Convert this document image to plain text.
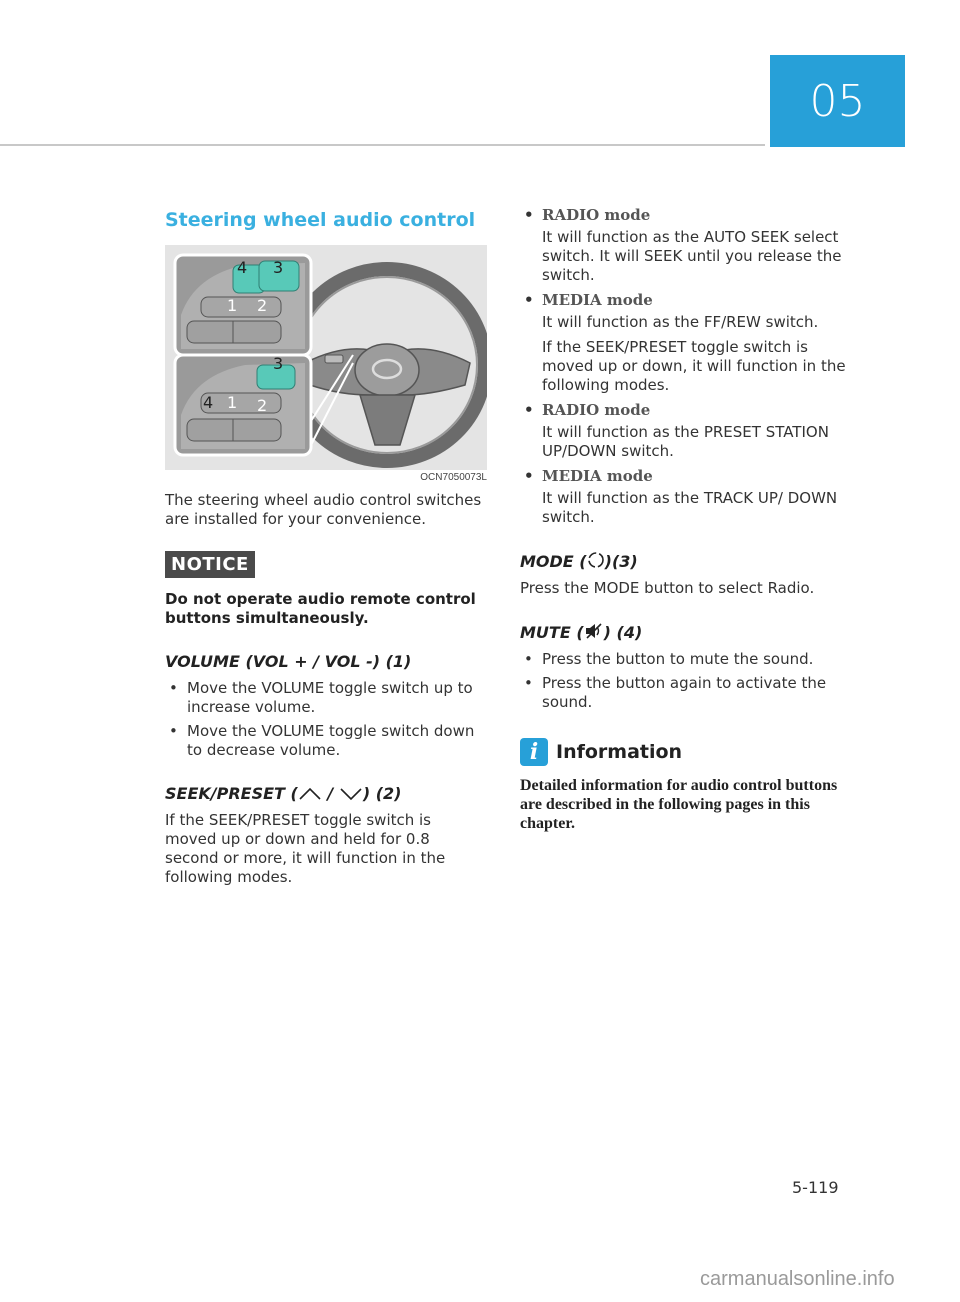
05
Steering wheel audio control
4 3
1 2
3
4 1 2
OCN7050073L

The steering wheel audio control switches are installed for your convenience.

NOTICE
Do not operate audio remote control buttons simultaneously.
VOLUME (VOL + / VOL -) (1)
• Move the VOLUME toggle switch up to increase volume.
• Move the VOLUME toggle switch down to decrease volume.
SEEK/PRESET ( / ) (2)

If the SEEK/PRESET toggle switch is moved up or down and held for 0.8 second or more, it will function in the following modes.

• RADIO mode
It will function as the AUTO SEEK select switch. It will SEEK until you release the switch.
• MEDIA mode
It will function as the FF/REW switch.
If the SEEK/PRESET toggle switch is moved up or down, it will function in the following modes.
• RADIO mode
It will function as the PRESET STATION UP/DOWN switch.
• MEDIA mode
It will function as the TRACK UP/ DOWN switch.
MODE ( )(3)

Press the MODE button to select Radio.

MUTE ( ) (4)
• Press the button to mute the sound.
• Press the button again to activate the sound.
i Information
Detailed information for audio control buttons are described in the following pages in this chapter.
5-119
carmanualsonline.info
